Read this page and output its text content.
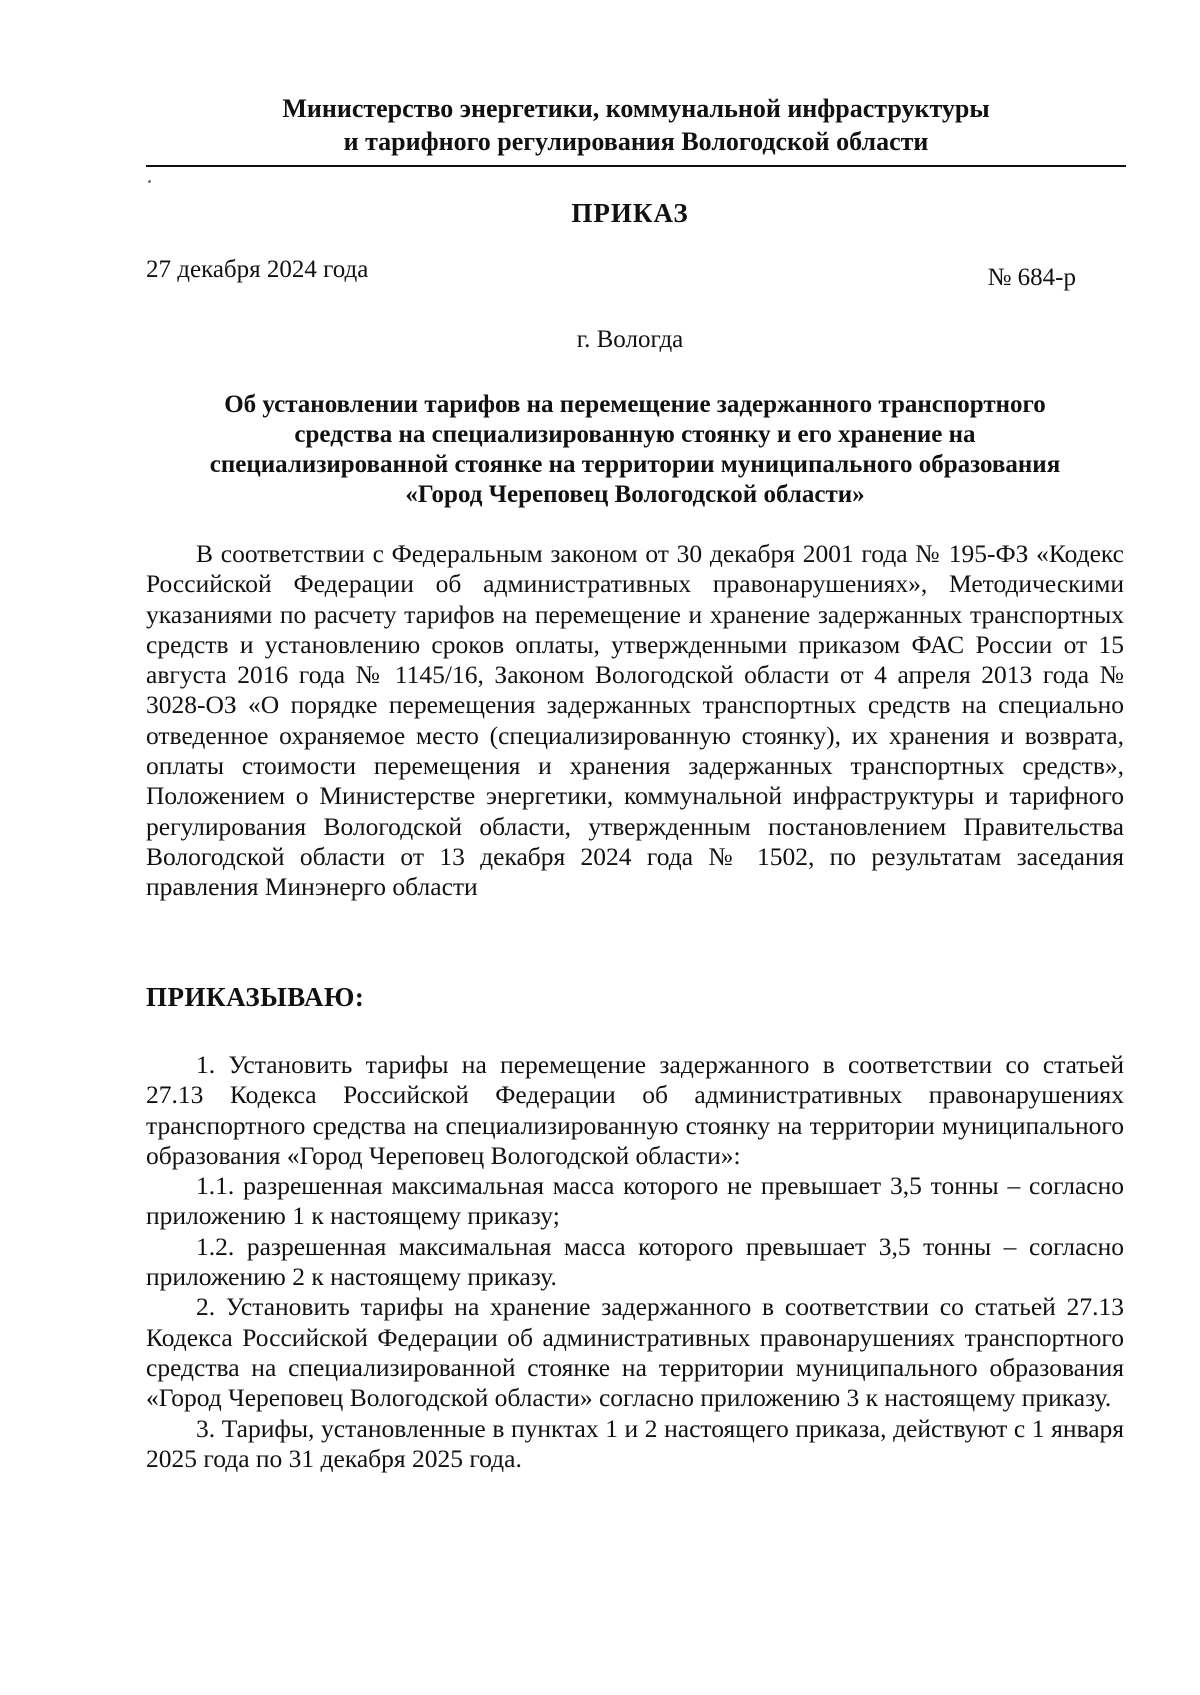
Министерство энергетики, коммунальной инфраструктуры
и тарифного регулирования Вологодской области
ПРИКАЗ
27 декабря 2024 года	№ 684-р
г. Вологда
Об установлении тарифов на перемещение задержанного транспортного
средства на специализированную стоянку и его хранение на
специализированной стоянке на территории муниципального образования
«Город Череповец Вологодской области»

В соответствии с Федеральным законом от 30 декабря 2001 года № 195-ФЗ «Кодекс Российской Федерации об административных правонарушениях», Методическими указаниями по расчету тарифов на перемещение и хранение задержанных транспортных средств и установлению сроков оплаты, утвержденными приказом ФАС России от 15 августа 2016 года № 1145/16, Законом Вологодской области от 4 апреля 2013 года № 3028-ОЗ «О порядке перемещения задержанных транспортных средств на специально отведенное охраняемое место (специализированную стоянку), их хранения и возврата, оплаты стоимости перемещения и хранения задержанных транспортных средств», Положением о Министерстве энергетики, коммунальной инфраструктуры и тарифного регулирования Вологодской области, утвержденным постановлением Правительства Вологодской области от 13 декабря 2024 года № 1502, по результатам заседания правления Минэнерго области

ПРИКАЗЫВАЮ:

1. Установить тарифы на перемещение задержанного в соответствии со статьей 27.13 Кодекса Российской Федерации об административных правонарушениях транспортного средства на специализированную стоянку на территории муниципального образования «Город Череповец Вологодской области»:

1.1. разрешенная максимальная масса которого не превышает 3,5 тонны – согласно приложению 1 к настоящему приказу;

1.2. разрешенная максимальная масса которого превышает 3,5 тонны – согласно приложению 2 к настоящему приказу.

2. Установить тарифы на хранение задержанного в соответствии со статьей 27.13 Кодекса Российской Федерации об административных правонарушениях транспортного средства на специализированной стоянке на территории муниципального образования «Город Череповец Вологодской области» согласно приложению 3 к настоящему приказу.

3. Тарифы, установленные в пунктах 1 и 2 настоящего приказа, действуют с 1 января 2025 года по 31 декабря 2025 года.
